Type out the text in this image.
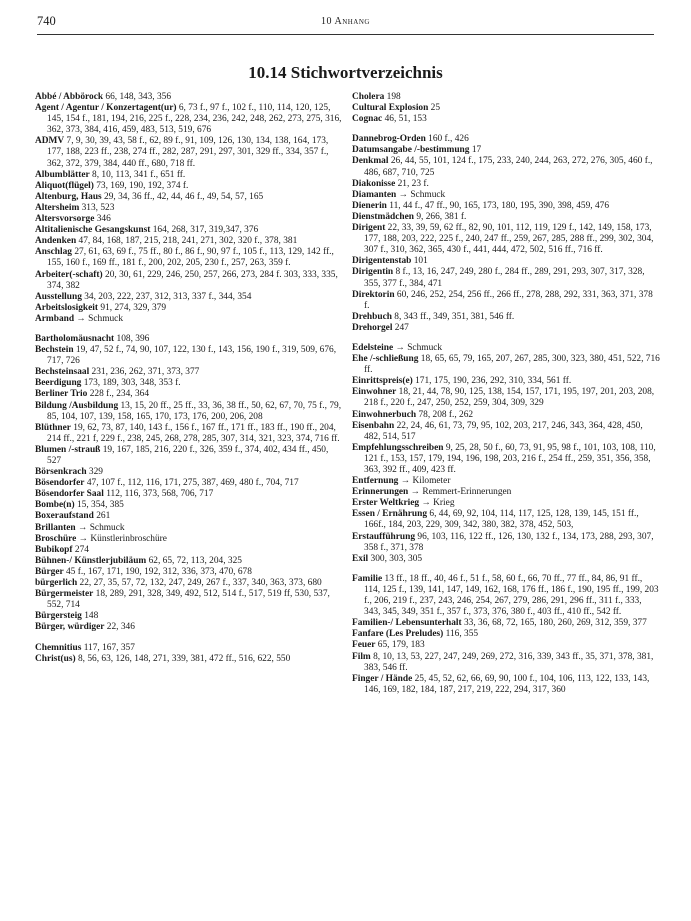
740	10 Anhang
10.14 Stichwortverzeichnis
Abbé / Abbörock 66, 148, 343, 356
Agent / Agentur / Konzertagent(ur) 6, 73 f., 97 f., 102 f., 110, 114, 120, 125, 145, 154 f., 181, 194, 216, 225 f., 228, 234, 236, 242, 248, 262, 273, 275, 316, 362, 373, 384, 416, 459, 483, 513, 519, 676
ADMV 7, 9, 30, 39, 43, 58 f., 62, 89 f., 91, 109, 126, 130, 134, 138, 164, 173, 177, 188, 223 ff., 238, 274 ff., 282, 287, 291, 297, 301, 329 ff., 334, 357 f., 362, 372, 379, 384, 440 ff., 680, 718 ff.
Albumblätter 8, 10, 113, 341 f., 651 ff.
Aliquot(flügel) 73, 169, 190, 192, 374 f.
Altenburg, Haus 29, 34, 36 ff., 42, 44, 46 f., 49, 54, 57, 165
Altersheim 313, 523
Altersvorsorge 346
Altitalienische Gesangskunst 164, 268, 317, 319,347, 376
Andenken 47, 84, 168, 187, 215, 218, 241, 271, 302, 320 f., 378, 381
Anschlag 27, 61, 63, 69 f., 75 ff., 80 f., 86 f., 90, 97 f., 105 f., 113, 129, 142 ff., 155, 160 f., 169 ff., 181 f., 200, 202, 205, 230 f., 257, 263, 359 f.
Arbeiter(-schaft) 20, 30, 61, 229, 246, 250, 257, 266, 273, 284 f. 303, 333, 335, 374, 382
Ausstellung 34, 203, 222, 237, 312, 313, 337 f., 344, 354
Arbeitslosigkeit 91, 274, 329, 379
Armband → Schmuck
Bartholomäusnacht 108, 396
Bechstein 19, 47, 52 f., 74, 90, 107, 122, 130 f., 143, 156, 190 f., 319, 509, 676, 717, 726
Bechsteinsaal 231, 236, 262, 371, 373, 377
Beerdigung 173, 189, 303, 348, 353 f.
Berliner Trio 228 f., 234, 364
Bildung /Ausbildung 13, 15, 20 ff., 25 ff., 33, 36, 38 ff., 50, 62, 67, 70, 75 f., 79, 85, 104, 107, 139, 158, 165, 170, 173, 176, 200, 206, 208
Blüthner 19, 62, 73, 87, 140, 143 f., 156 f., 167 ff., 171 ff., 183 ff., 190 ff., 204, 214 ff., 221 f, 229 f., 238, 245, 268, 278, 285, 307, 314, 321, 323, 374, 716 ff.
Blumen /-strauß 19, 167, 185, 216, 220 f., 326, 359 f., 374, 402, 434 ff., 450, 527
Börsenkrach 329
Bösendorfer 47, 107 f., 112, 116, 171, 275, 387, 469, 480 f., 704, 717
Bösendorfer Saal 112, 116, 373, 568, 706, 717
Bombe(n) 15, 354, 385
Boxeraufstand 261
Brillanten → Schmuck
Broschüre → Künstlerinbroschüre
Bubikopf 274
Bühnen-/ Künstlerjubiläum 62, 65, 72, 113, 204, 325
Bürger 45 f., 167, 171, 190, 192, 312, 336, 373, 470, 678
bürgerlich 22, 27, 35, 57, 72, 132, 247, 249, 267 f., 337, 340, 363, 373, 680
Bürgermeister 18, 289, 291, 328, 349, 492, 512, 514 f., 517, 519 ff, 530, 537, 552, 714
Bürgersteig 148
Bürger, würdiger 22, 346
Chemnitius 117, 167, 357
Christ(us) 8, 56, 63, 126, 148, 271, 339, 381, 472 ff., 516, 622, 550
Cholera 198
Cultural Explosion 25
Cognac 46, 51, 153
Dannebrog-Orden 160 f., 426
Datumsangabe /-bestimmung 17
Denkmal 26, 44, 55, 101, 124 f., 175, 233, 240, 244, 263, 272, 276, 305, 460 f., 486, 687, 710, 725
Diakonisse 21, 23 f.
Diamanten → Schmuck
Dienerin 11, 44 f., 47 ff., 90, 165, 173, 180, 195, 390, 398, 459, 476
Dienstmädchen 9, 266, 381 f.
Dirigent 22, 33, 39, 59, 62 ff., 82, 90, 101, 112, 119, 129 f., 142, 149, 158, 173, 177, 188, 203, 222, 225 f., 240, 247 ff., 259, 267, 285, 288 ff., 299, 302, 304, 307 f., 310, 362, 365, 430 f., 441, 444, 472, 502, 516 ff., 716 ff.
Dirigentenstab 101
Dirigentin 8 f., 13, 16, 247, 249, 280 f., 284 ff., 289, 291, 293, 307, 317, 328, 355, 377 f., 384, 471
Direktorin 60, 246, 252, 254, 256 ff., 266 ff., 278, 288, 292, 331, 363, 371, 378 f.
Drehbuch 8, 343 ff., 349, 351, 381, 546 ff.
Drehorgel 247
Edelsteine → Schmuck
Ehe /-schließung 18, 65, 65, 79, 165, 207, 267, 285, 300, 323, 380, 451, 522, 716 ff.
Einrittspreis(e) 171, 175, 190, 236, 292, 310, 334, 561 ff.
Einwohner 18, 21, 44, 78, 90, 125, 138, 154, 157, 171, 195, 197, 201, 203, 208, 218 f., 220 f., 247, 250, 252, 259, 304, 309, 329
Einwohnerbuch 78, 208 f., 262
Eisenbahn 22, 24, 46, 61, 73, 79, 95, 102, 203, 217, 246, 343, 364, 428, 450, 482, 514, 517
Empfehlungsschreiben 9, 25, 28, 50 f., 60, 73, 91, 95, 98 f., 101, 103, 108, 110, 121 f., 153, 157, 179, 194, 196, 198, 203, 216 f., 254 ff., 259, 351, 356, 358, 363, 392 ff., 409, 423 ff.
Entfernung → Kilometer
Erinnerungen → Remmert-Erinnerungen
Erster Weltkrieg → Krieg
Essen / Ernährung 6, 44, 69, 92, 104, 114, 117, 125, 128, 139, 145, 151 ff., 166f., 184, 203, 229, 309, 342, 380, 382, 378, 452, 503,
Erstaufführung 96, 103, 116, 122 ff., 126, 130, 132 f., 134, 173, 288, 293, 307, 358 f., 371, 378
Exil 300, 303, 305
Familie 13 ff., 18 ff., 40, 46 f., 51 f., 58, 60 f., 66, 70 ff., 77 ff., 84, 86, 91 ff., 114, 125 f., 139, 141, 147, 149, 162, 168, 176 ff., 186 f., 190, 195 ff., 199, 203 f., 206, 219 f., 237, 243, 246, 254, 267, 279, 286, 291, 296 ff., 311 f., 333, 343, 345, 349, 351 f., 357 f., 373, 376, 380 f., 403 ff., 410 ff., 542 ff.
Familien-/ Lebensunterhalt 33, 36, 68, 72, 165, 180, 260, 269, 312, 359, 377
Fanfare (Les Preludes) 116, 355
Feuer 65, 179, 183
Film 8, 10, 13, 53, 227, 247, 249, 269, 272, 316, 339, 343 ff., 35, 371, 378, 381, 383, 546 ff.
Finger / Hände 25, 45, 52, 62, 66, 69, 90, 100 f., 104, 106, 113, 122, 133, 143, 146, 169, 182, 184, 187, 217, 219, 222, 294, 317, 360
